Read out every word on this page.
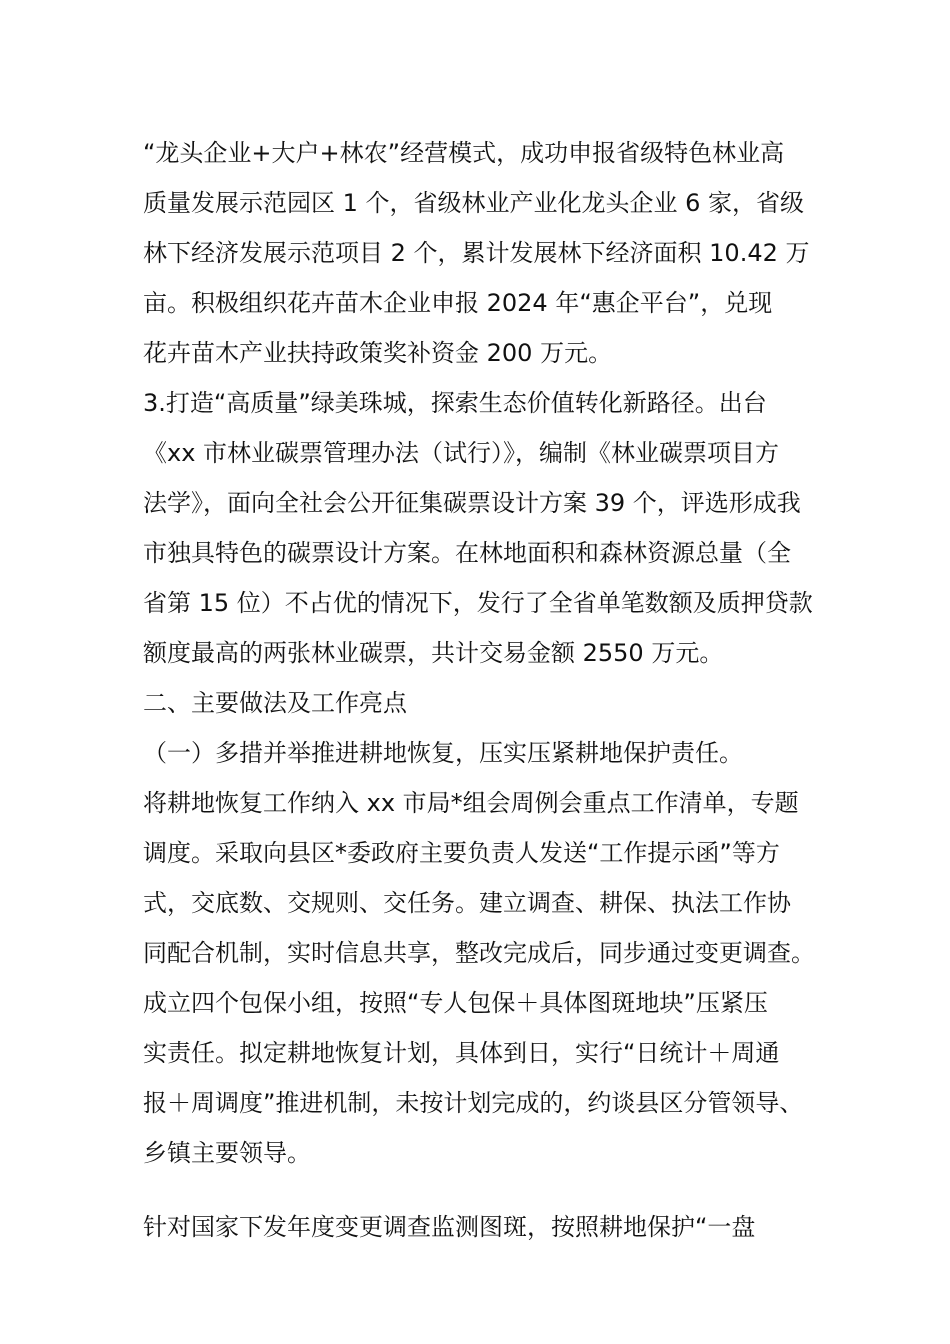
“龙头企业+大户+林农”经营模式，成功申报省级特色林业高
质量发展示范园区 1 个，省级林业产业化龙头企业 6 家，省级
林下经济发展示范项目 2 个，累计发展林下经济面积 10.42 万
亩。积极组织花卉苗木企业申报 2024 年“惠企平台”，兑现
花卉苗木产业扶持政策奖补资金 200 万元。
3.打造“高质量”绿美珠城，探索生态价值转化新路径。出台
《xx 市林业碳票管理办法（试行）》，编制《林业碳票项目方
法学》，面向全社会公开征集碳票设计方案 39 个，评选形成我
市独具特色的碳票设计方案。在林地面积和森林资源总量（全
省第 15 位）不占优的情况下，发行了全省单笔数额及质押贷款
额度最高的两张林业碳票，共计交易金额 2550 万元。
二、主要做法及工作亮点
（一）多措并举推进耕地恢复，压实压紧耕地保护责任。
将耕地恢复工作纳入 xx 市局*组会周例会重点工作清单，专题
调度。采取向县区*委政府主要负责人发送“工作提示函”等方
式，交底数、交规则、交任务。建立调查、耕保、执法工作协
同配合机制，实时信息共享，整改完成后，同步通过变更调查。
成立四个包保小组，按照“专人包保＋具体图斑地块”压紧压
实责任。拟定耕地恢复计划，具体到日，实行“日统计＋周通
报＋周调度”推进机制，未按计划完成的，约谈县区分管领导、
乡镇主要领导。
针对国家下发年度变更调查监测图斑，按照耕地保护“一盘
